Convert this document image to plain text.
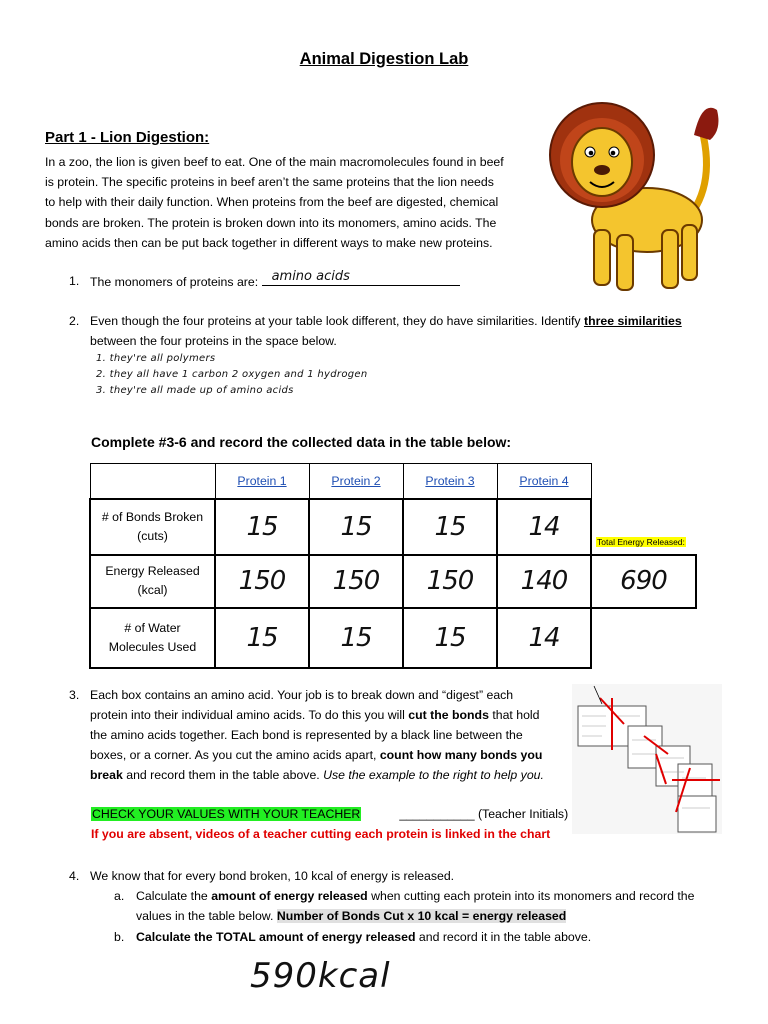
Animal Digestion Lab
Part 1 - Lion Digestion:
In a zoo, the lion is given beef to eat. One of the main macromolecules found in beef
is protein. The specific proteins in beef aren’t the same proteins that the lion needs
to help with their daily function. When proteins from the beef are digested, chemical
bonds are broken. The protein is broken down into its monomers, amino acids. The
amino acids then can be put back together in different ways to make new proteins.
1. The monomers of proteins are: amino acids
2. Even though the four proteins at your table look different, they do have similarities. Identify three similarities
between the four proteins in the space below.
1. they're all polymers
2. they all have 1 carbon 2 oxygen and 1 hydrogen
3. they're all made up of amino acids
Complete #3-6 and record the collected data in the table below:
	Protein 1	Protein 2	Protein 3	Protein 4	

# of Bonds Broken
(cuts)	15	15	15	14	Total Energy Released:

Energy Released
(kcal)	150	150	150	140	690

# of Water
Molecules Used	15	15	15	14	
3. Each box contains an amino acid. Your job is to break down and “digest” each
protein into their individual amino acids. To do this you will cut the bonds that hold
the amino acids together. Each bond is represented by a black line between the
boxes, or a corner. As you cut the amino acids apart, count how many bonds you
break and record them in the table above. Use the example to the right to help you.
CHECK YOUR VALUES WITH YOUR TEACHER	___________ (Teacher Initials)
If you are absent, videos of a teacher cutting each protein is linked in the chart
4. We know that for every bond broken, 10 kcal of energy is released.
a. Calculate the amount of energy released when cutting each protein into its monomers and record the
values in the table below. Number of Bonds Cut x 10 kcal = energy released
b. Calculate the TOTAL amount of energy released and record it in the table above.
590kcal
